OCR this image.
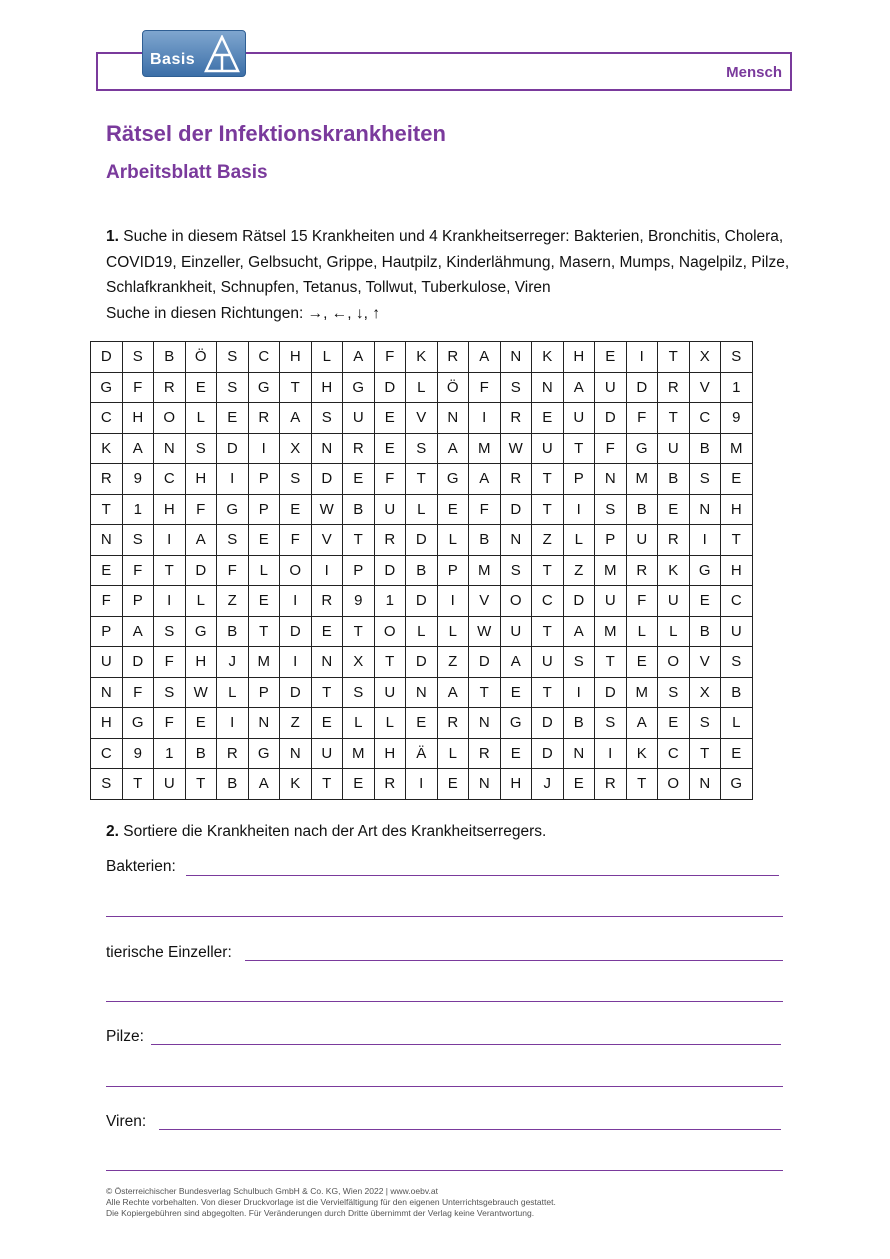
Basis
Mensch
Rätsel der Infektionskrankheiten
Arbeitsblatt Basis
1. Suche in diesem Rätsel 15 Krankheiten und 4 Krankheitserreger: Bakterien, Bronchitis, Cholera, COVID19, Einzeller, Gelbsucht, Grippe, Hautpilz, Kinderlähmung, Masern, Mumps, Nagelpilz, Pilze, Schlafkrankheit, Schnupfen, Tetanus, Tollwut, Tuberkulose, Viren
Suche in diesen Richtungen: →, ←, ↓, ↑
D	S	B	Ö	S	C	H	L	A	F	K	R	A	N	K	H	E	I	T	X	S
G	F	R	E	S	G	T	H	G	D	L	Ö	F	S	N	A	U	D	R	V	1
C	H	O	L	E	R	A	S	U	E	V	N	I	R	E	U	D	F	T	C	9
K	A	N	S	D	I	X	N	R	E	S	A	M	W	U	T	F	G	U	B	M
R	9	C	H	I	P	S	D	E	F	T	G	A	R	T	P	N	M	B	S	E
T	1	H	F	G	P	E	W	B	U	L	E	F	D	T	I	S	B	E	N	H
N	S	I	A	S	E	F	V	T	R	D	L	B	N	Z	L	P	U	R	I	T
E	F	T	D	F	L	O	I	P	D	B	P	M	S	T	Z	M	R	K	G	H
F	P	I	L	Z	E	I	R	9	1	D	I	V	O	C	D	U	F	U	E	C
P	A	S	G	B	T	D	E	T	O	L	L	W	U	T	A	M	L	L	B	U
U	D	F	H	J	M	I	N	X	T	D	Z	D	A	U	S	T	E	O	V	S
N	F	S	W	L	P	D	T	S	U	N	A	T	E	T	I	D	M	S	X	B
H	G	F	E	I	N	Z	E	L	L	E	R	N	G	D	B	S	A	E	S	L
C	9	1	B	R	G	N	U	M	H	Ä	L	R	E	D	N	I	K	C	T	E
S	T	U	T	B	A	K	T	E	R	I	E	N	H	J	E	R	T	O	N	G
2. Sortiere die Krankheiten nach der Art des Krankheitserregers.
Bakterien:
tierische Einzeller:
Pilze:
Viren:
© Österreichischer Bundesverlag Schulbuch GmbH & Co. KG, Wien 2022 | www.oebv.at
Alle Rechte vorbehalten. Von dieser Druckvorlage ist die Vervielfältigung für den eigenen Unterrichtsgebrauch gestattet.
Die Kopiergebühren sind abgegolten. Für Veränderungen durch Dritte übernimmt der Verlag keine Verantwortung.
